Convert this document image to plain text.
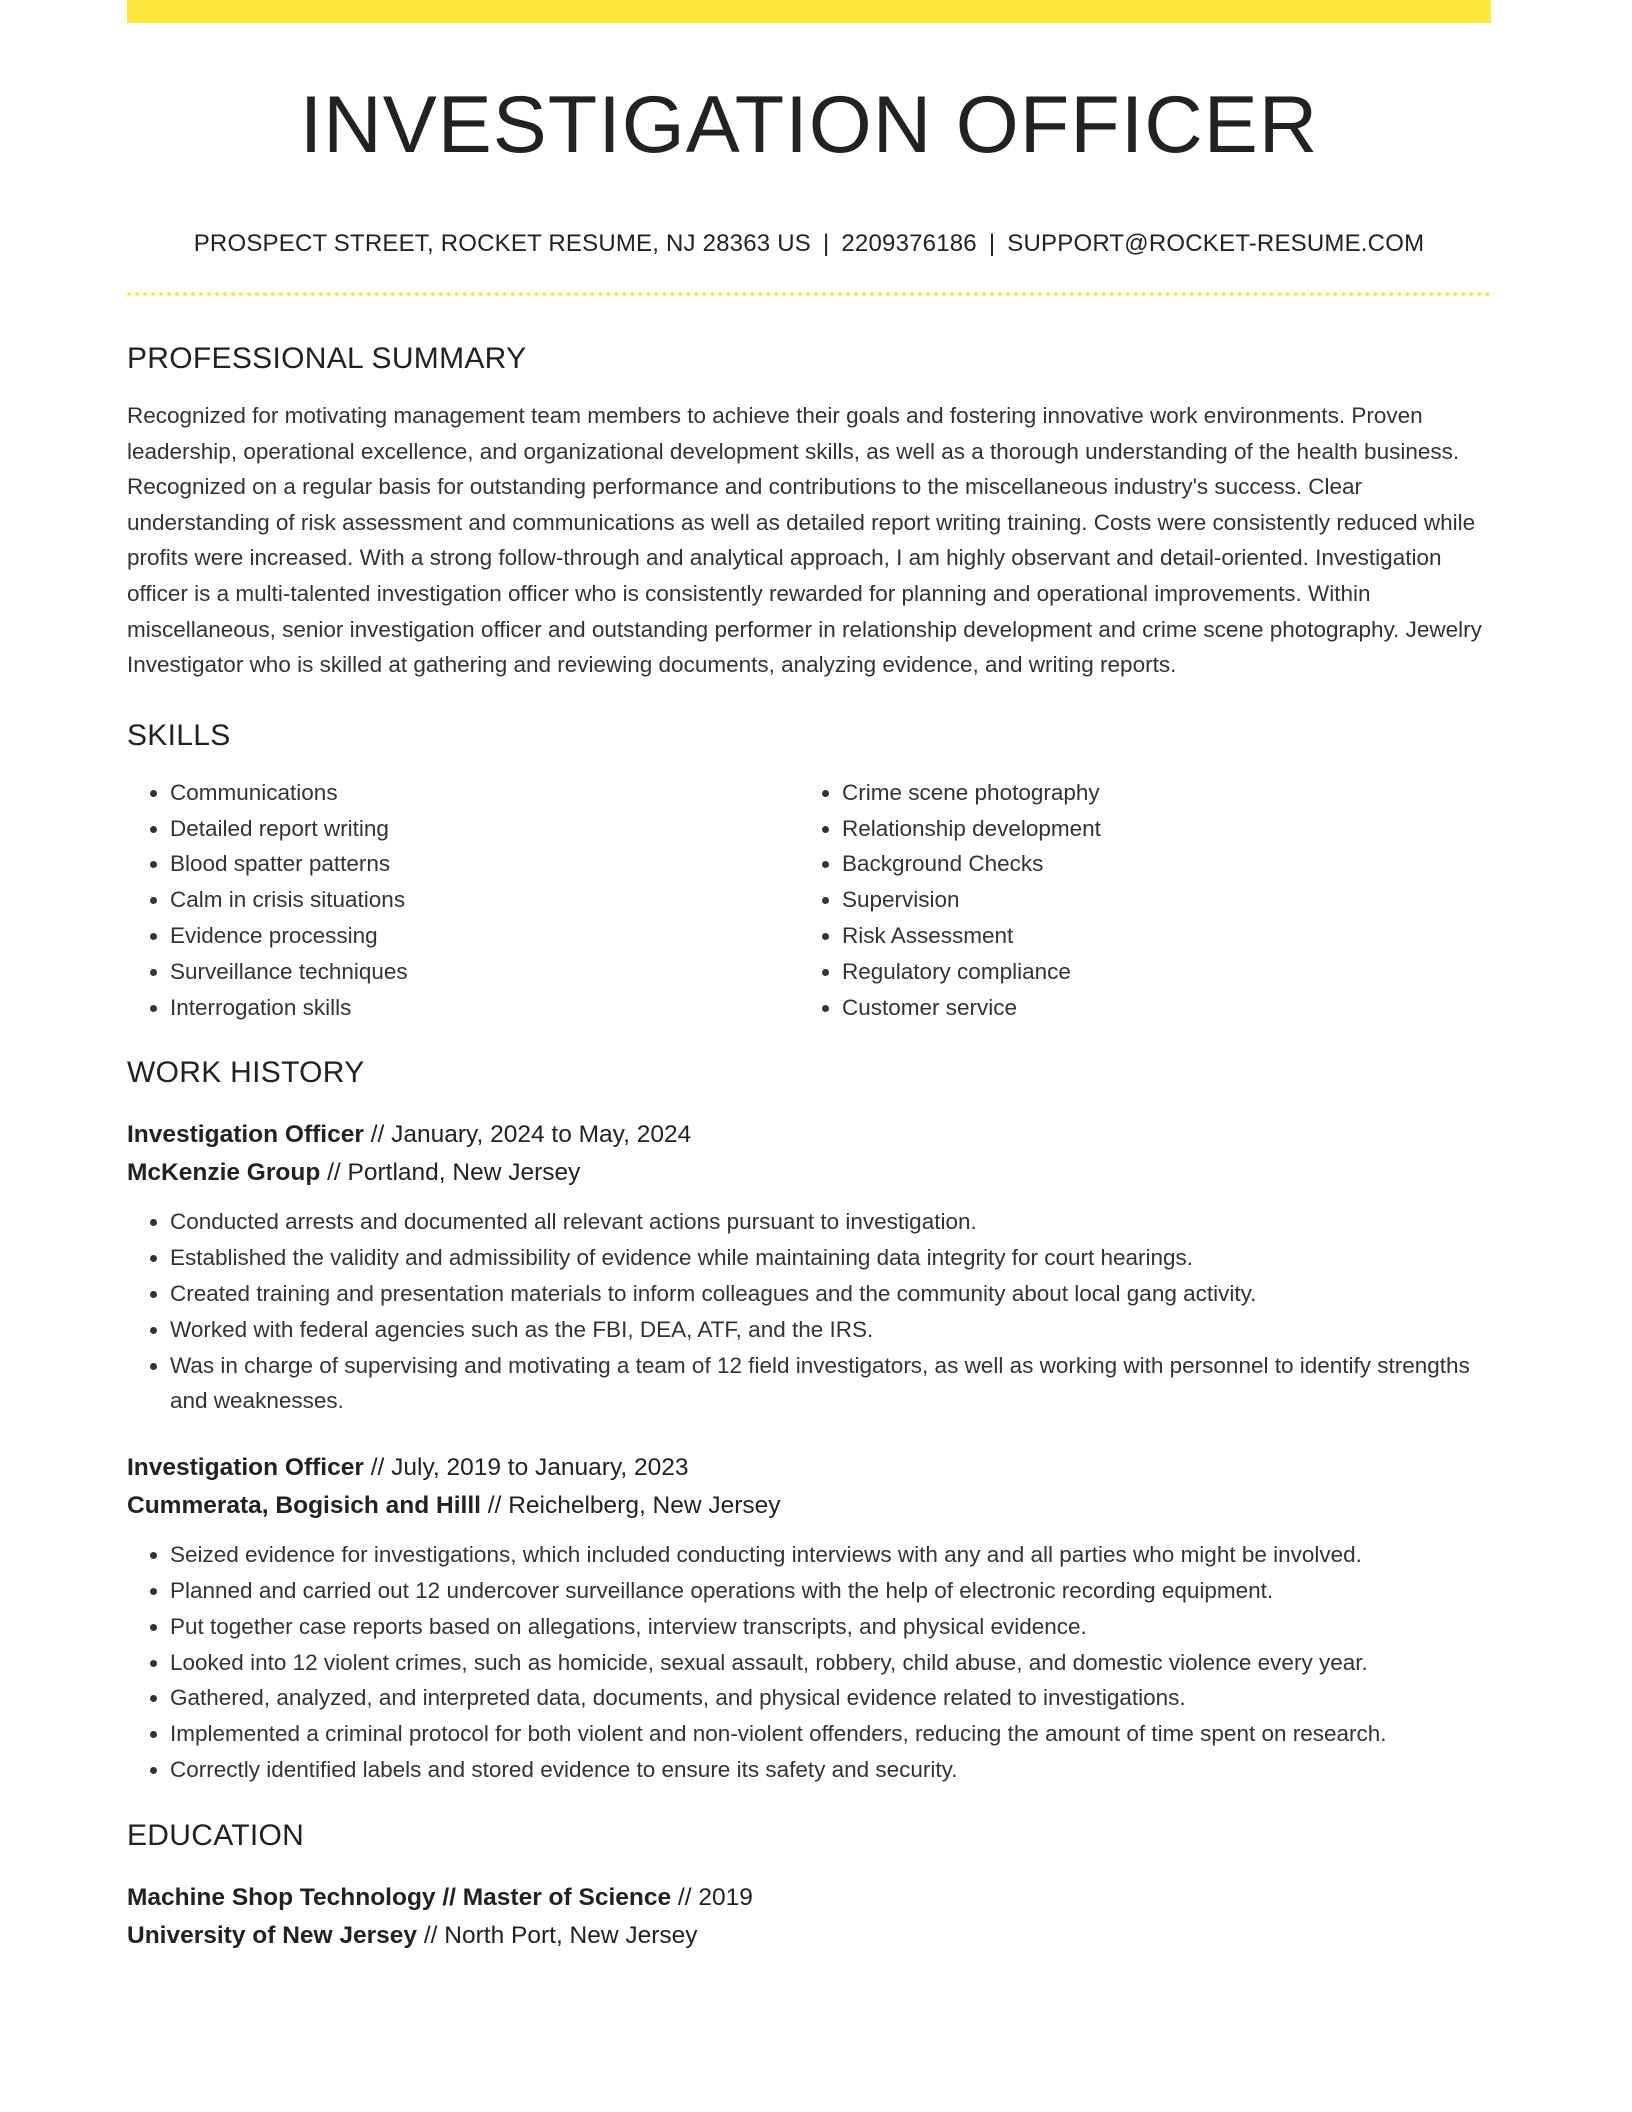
INVESTIGATION OFFICER
PROSPECT STREET, ROCKET RESUME, NJ 28363 US | 2209376186 | SUPPORT@ROCKET-RESUME.COM
PROFESSIONAL SUMMARY

Recognized for motivating management team members to achieve their goals and fostering innovative work environments. Proven leadership, operational excellence, and organizational development skills, as well as a thorough understanding of the health business. Recognized on a regular basis for outstanding performance and contributions to the miscellaneous industry's success. Clear understanding of risk assessment and communications as well as detailed report writing training. Costs were consistently reduced while profits were increased. With a strong follow-through and analytical approach, I am highly observant and detail-oriented. Investigation officer is a multi-talented investigation officer who is consistently rewarded for planning and operational improvements. Within miscellaneous, senior investigation officer and outstanding performer in relationship development and crime scene photography. Jewelry Investigator who is skilled at gathering and reviewing documents, analyzing evidence, and writing reports.

SKILLS
• Communications
• Detailed report writing
• Blood spatter patterns
• Calm in crisis situations
• Evidence processing
• Surveillance techniques
• Interrogation skills
• Crime scene photography
• Relationship development
• Background Checks
• Supervision
• Risk Assessment
• Regulatory compliance
• Customer service
WORK HISTORY
Investigation Officer // January, 2024 to May, 2024
McKenzie Group // Portland, New Jersey
• Conducted arrests and documented all relevant actions pursuant to investigation.
• Established the validity and admissibility of evidence while maintaining data integrity for court hearings.
• Created training and presentation materials to inform colleagues and the community about local gang activity.
• Worked with federal agencies such as the FBI, DEA, ATF, and the IRS.
• Was in charge of supervising and motivating a team of 12 field investigators, as well as working with personnel to identify strengths and weaknesses.
Investigation Officer // July, 2019 to January, 2023
Cummerata, Bogisich and Hilll // Reichelberg, New Jersey
• Seized evidence for investigations, which included conducting interviews with any and all parties who might be involved.
• Planned and carried out 12 undercover surveillance operations with the help of electronic recording equipment.
• Put together case reports based on allegations, interview transcripts, and physical evidence.
• Looked into 12 violent crimes, such as homicide, sexual assault, robbery, child abuse, and domestic violence every year.
• Gathered, analyzed, and interpreted data, documents, and physical evidence related to investigations.
• Implemented a criminal protocol for both violent and non-violent offenders, reducing the amount of time spent on research.
• Correctly identified labels and stored evidence to ensure its safety and security.
EDUCATION
Machine Shop Technology // Master of Science // 2019
University of New Jersey // North Port, New Jersey
